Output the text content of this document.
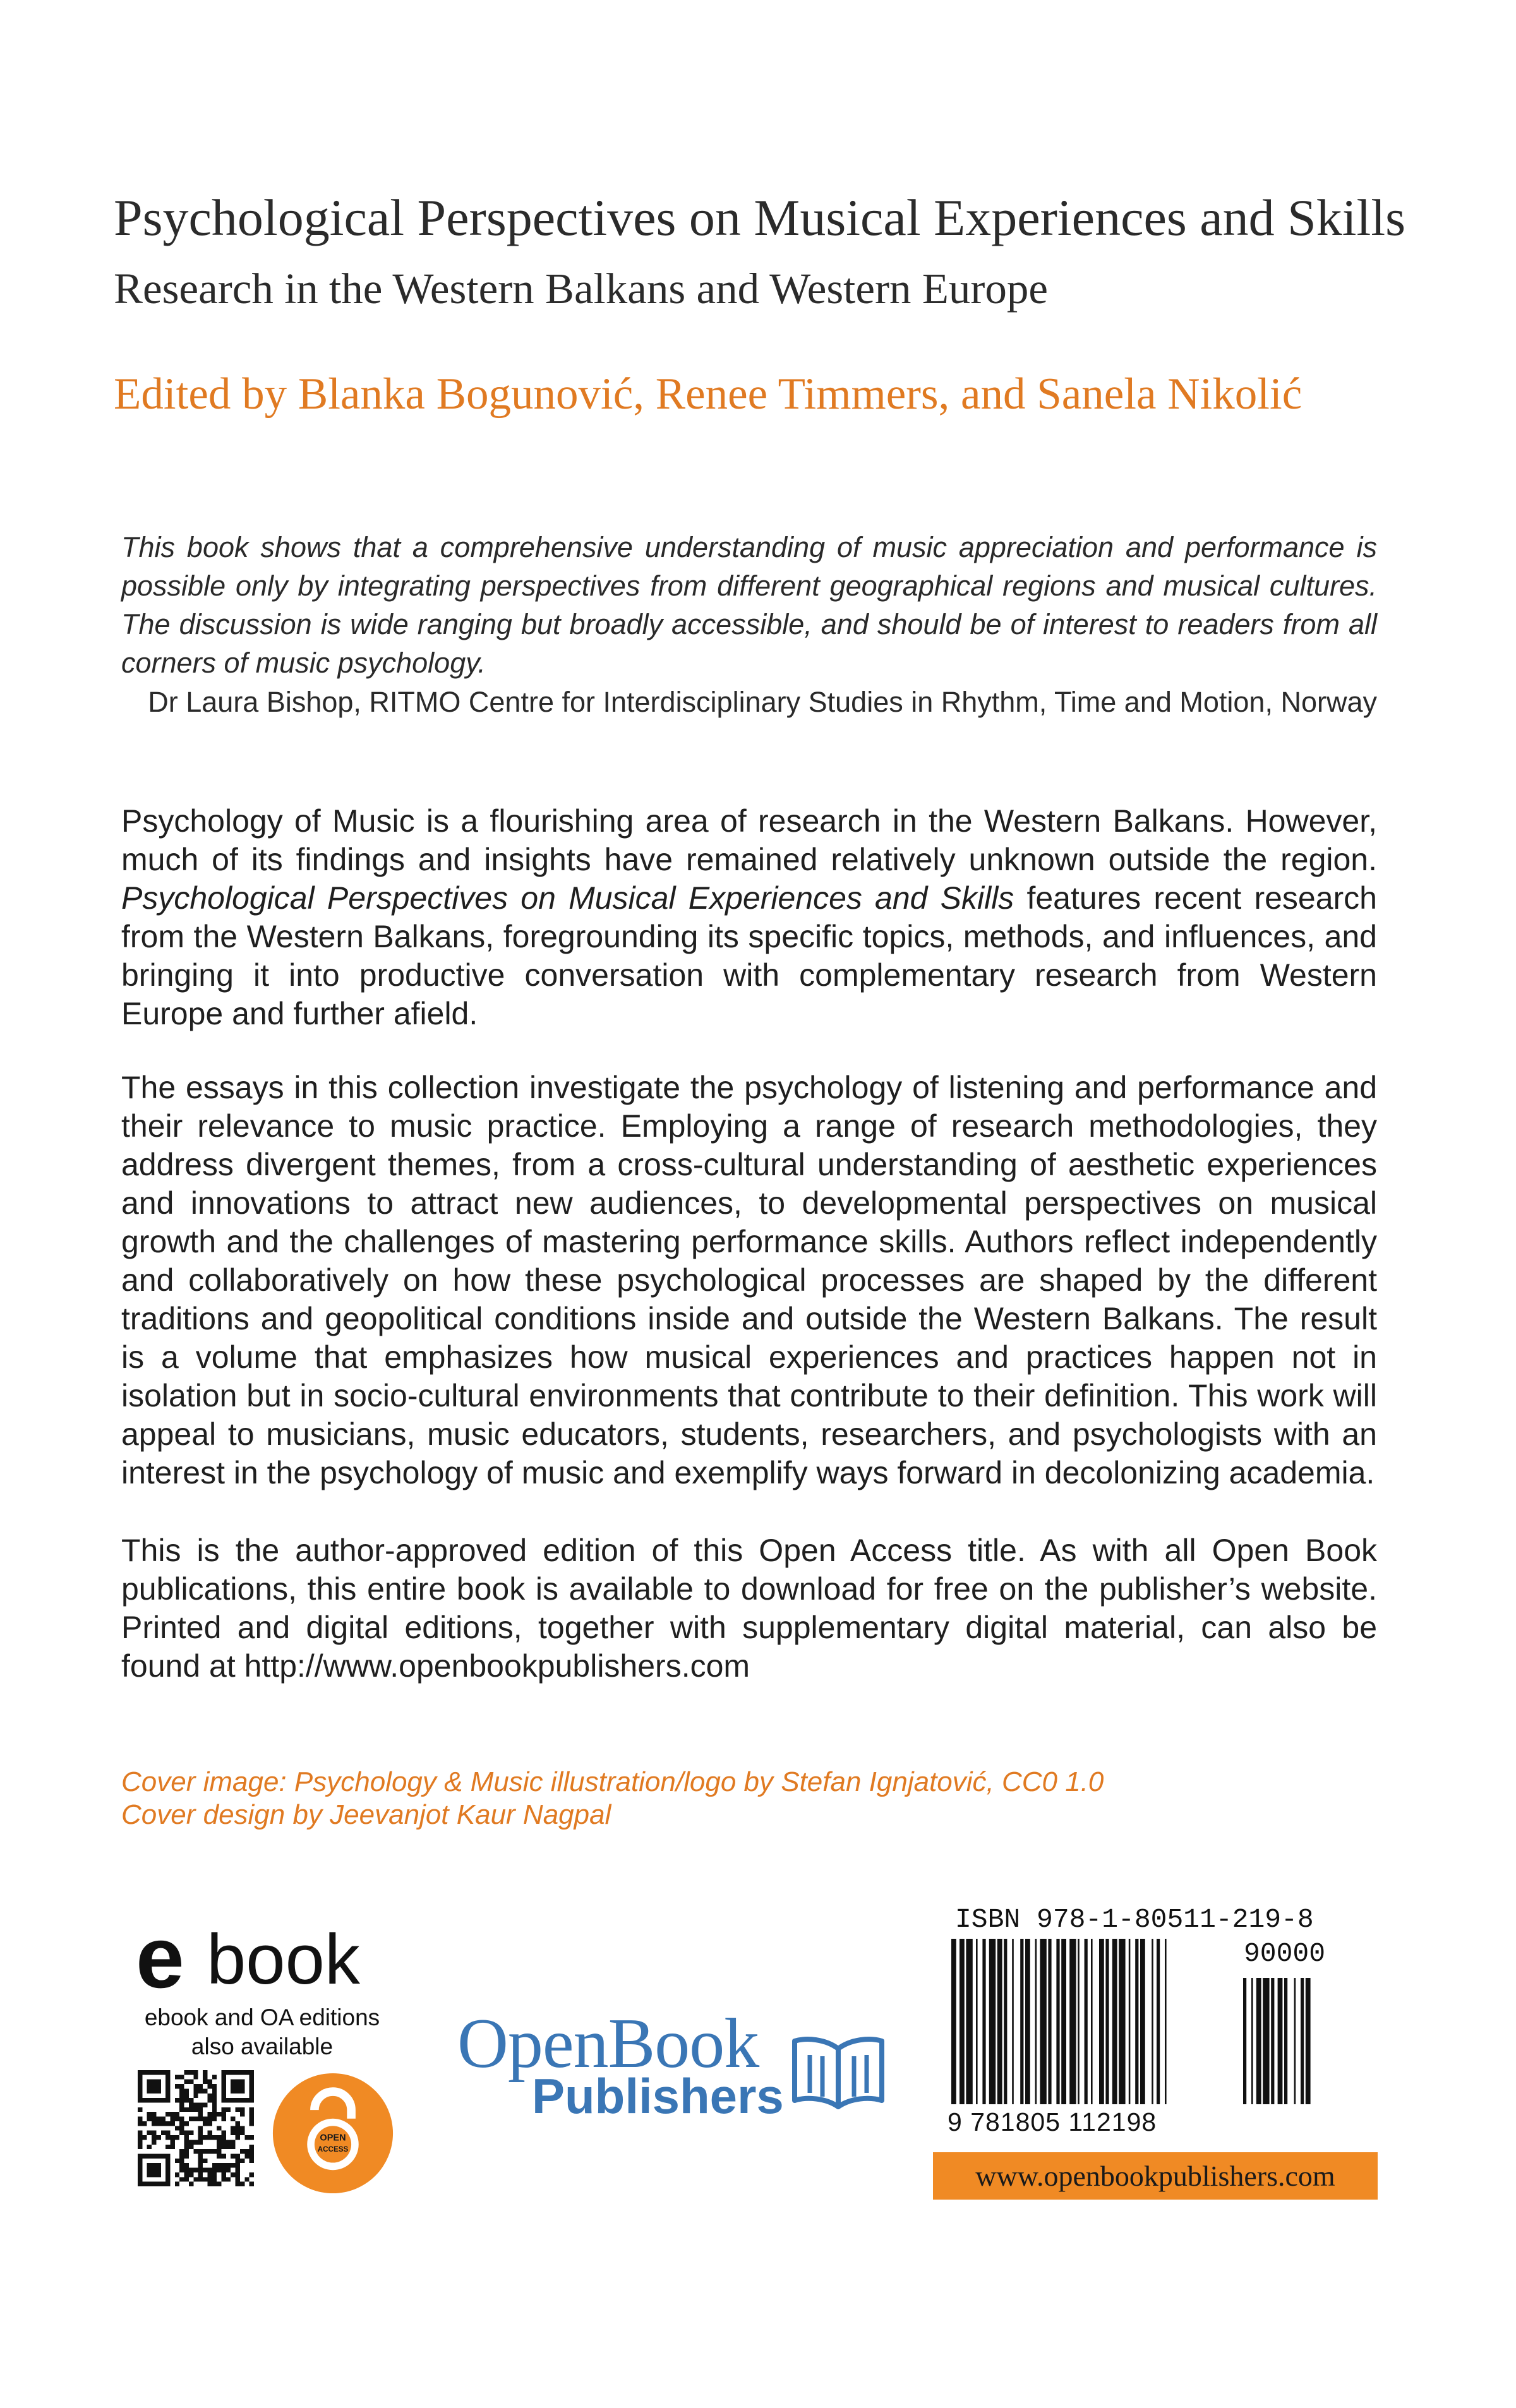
Psychological Perspectives on Musical Experiences and Skills
Research in the Western Balkans and Western Europe
Edited by Blanka Bogunović, Renee Timmers, and Sanela Nikolić
This book shows that a comprehensive understanding of music appreciation and performance is possible only by integrating perspectives from different geographical regions and musical cultures. The discussion is wide ranging but broadly accessible, and should be of interest to readers from all corners of music psychology.
Dr Laura Bishop, RITMO Centre for Interdisciplinary Studies in Rhythm, Time and Motion, Norway
Psychology of Music is a flourishing area of research in the Western Balkans. However, much of its findings and insights have remained relatively unknown outside the region. Psychological Perspectives on Musical Experiences and Skills features recent research from the Western Balkans, foregrounding its specific topics, methods, and influences, and bringing it into productive conversation with complementary research from Western Europe and further afield.
The essays in this collection investigate the psychology of listening and performance and their relevance to music practice. Employing a range of research methodologies, they address divergent themes, from a cross-cultural understanding of aesthetic experiences and innovations to attract new audiences, to developmental perspectives on musical growth and the challenges of mastering performance skills. Authors reflect independently and collaboratively on how these psychological processes are shaped by the different traditions and geopolitical conditions inside and outside the Western Balkans. The result is a volume that emphasizes how musical experiences and practices happen not in isolation but in socio-cultural environments that contribute to their definition. This work will appeal to musicians, music educators, students, researchers, and psychologists with an interest in the psychology of music and exemplify ways forward in decolonizing academia.
This is the author-approved edition of this Open Access title. As with all Open Book publications, this entire book is available to download for free on the publisher’s website. Printed and digital editions, together with supplementary digital material, can also be found at http://www.openbookpublishers.com
Cover image: Psychology & Music illustration/logo by Stefan Ignjatović, CC0 1.0
Cover design by Jeevanjot Kaur Nagpal
e book
ebook and OA editions
also available
OPEN
ACCESS
OpenBook
Publishers
ISBN 978-1-80511-219-8
90000
9 781805 112198
www.openbookpublishers.com
